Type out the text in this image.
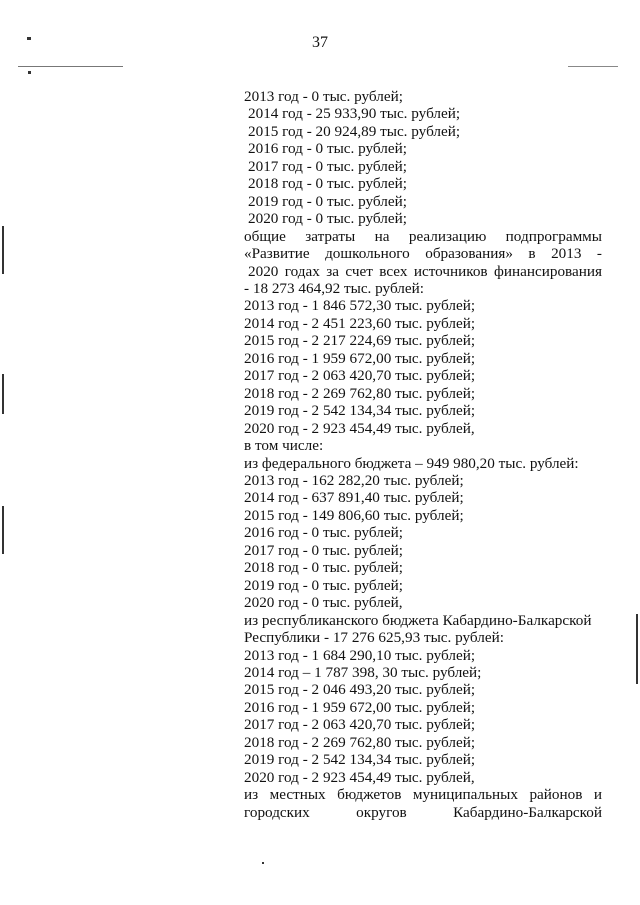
37
2013 год - 0 тыс. рублей;
2014 год - 25 933,90 тыс. рублей;
2015 год - 20 924,89 тыс. рублей;
2016 год - 0 тыс. рублей;
2017 год - 0 тыс. рублей;
2018 год - 0 тыс. рублей;
2019 год - 0 тыс. рублей;
2020 год - 0 тыс. рублей;
общие затраты на реализацию подпрограммы
«Развитие дошкольного образования» в 2013 -
2020 годах за счет всех источников финансирования
- 18 273 464,92 тыс. рублей:
2013 год - 1 846 572,30 тыс. рублей;
2014 год - 2 451 223,60 тыс. рублей;
2015 год - 2 217 224,69 тыс. рублей;
2016 год - 1 959 672,00 тыс. рублей;
2017 год - 2 063 420,70 тыс. рублей;
2018 год - 2 269 762,80 тыс. рублей;
2019 год - 2 542 134,34 тыс. рублей;
2020 год - 2 923 454,49 тыс. рублей,
в том числе:
из федерального бюджета – 949 980,20 тыс. рублей:
2013 год - 162 282,20 тыс. рублей;
2014 год - 637 891,40 тыс. рублей;
2015 год - 149 806,60 тыс. рублей;
2016 год - 0 тыс. рублей;
2017 год - 0 тыс. рублей;
2018 год - 0 тыс. рублей;
2019 год - 0 тыс. рублей;
2020 год - 0 тыс. рублей,
из республиканского бюджета Кабардино-Балкарской
Республики - 17 276 625,93 тыс. рублей:
2013 год - 1 684 290,10 тыс. рублей;
2014 год – 1 787 398, 30 тыс. рублей;
2015 год - 2 046 493,20 тыс. рублей;
2016 год - 1 959 672,00 тыс. рублей;
2017 год - 2 063 420,70 тыс. рублей;
2018 год - 2 269 762,80 тыс. рублей;
2019 год - 2 542 134,34 тыс. рублей;
2020 год - 2 923 454,49 тыс. рублей,
из местных бюджетов муниципальных районов и
городских округов Кабардино-Балкарской
